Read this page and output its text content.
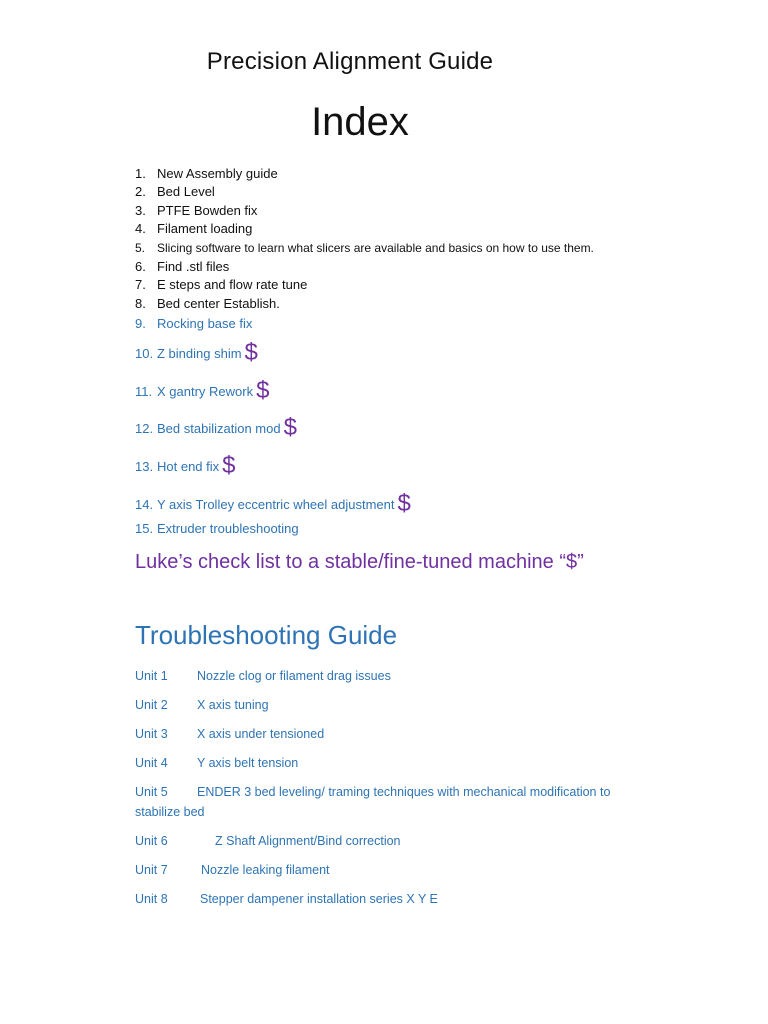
Precision Alignment Guide
Index
1. New Assembly guide
2. Bed Level
3. PTFE Bowden fix
4. Filament loading
5. Slicing software to learn what slicers are available and basics on how to use them.
6. Find .stl files
7. E steps and flow rate tune
8. Bed center Establish.
9. Rocking base fix
10. Z binding shim $
11. X gantry Rework $
12. Bed stabilization mod $
13. Hot end fix $
14. Y axis Trolley eccentric wheel adjustment $
15. Extruder troubleshooting

Luke’s check list to a stable/fine-tuned machine “$”

Troubleshooting Guide
Unit 1 Nozzle clog or filament drag issues
Unit 2 X axis tuning
Unit 3 X axis under tensioned
Unit 4 Y axis belt tension
Unit 5 ENDER 3 bed leveling/ traming techniques with mechanical modification to stabilize bed
Unit 6	Z Shaft Alignment/Bind correction
Unit 7	Nozzle leaking filament
Unit 8	Stepper dampener installation series X Y E
